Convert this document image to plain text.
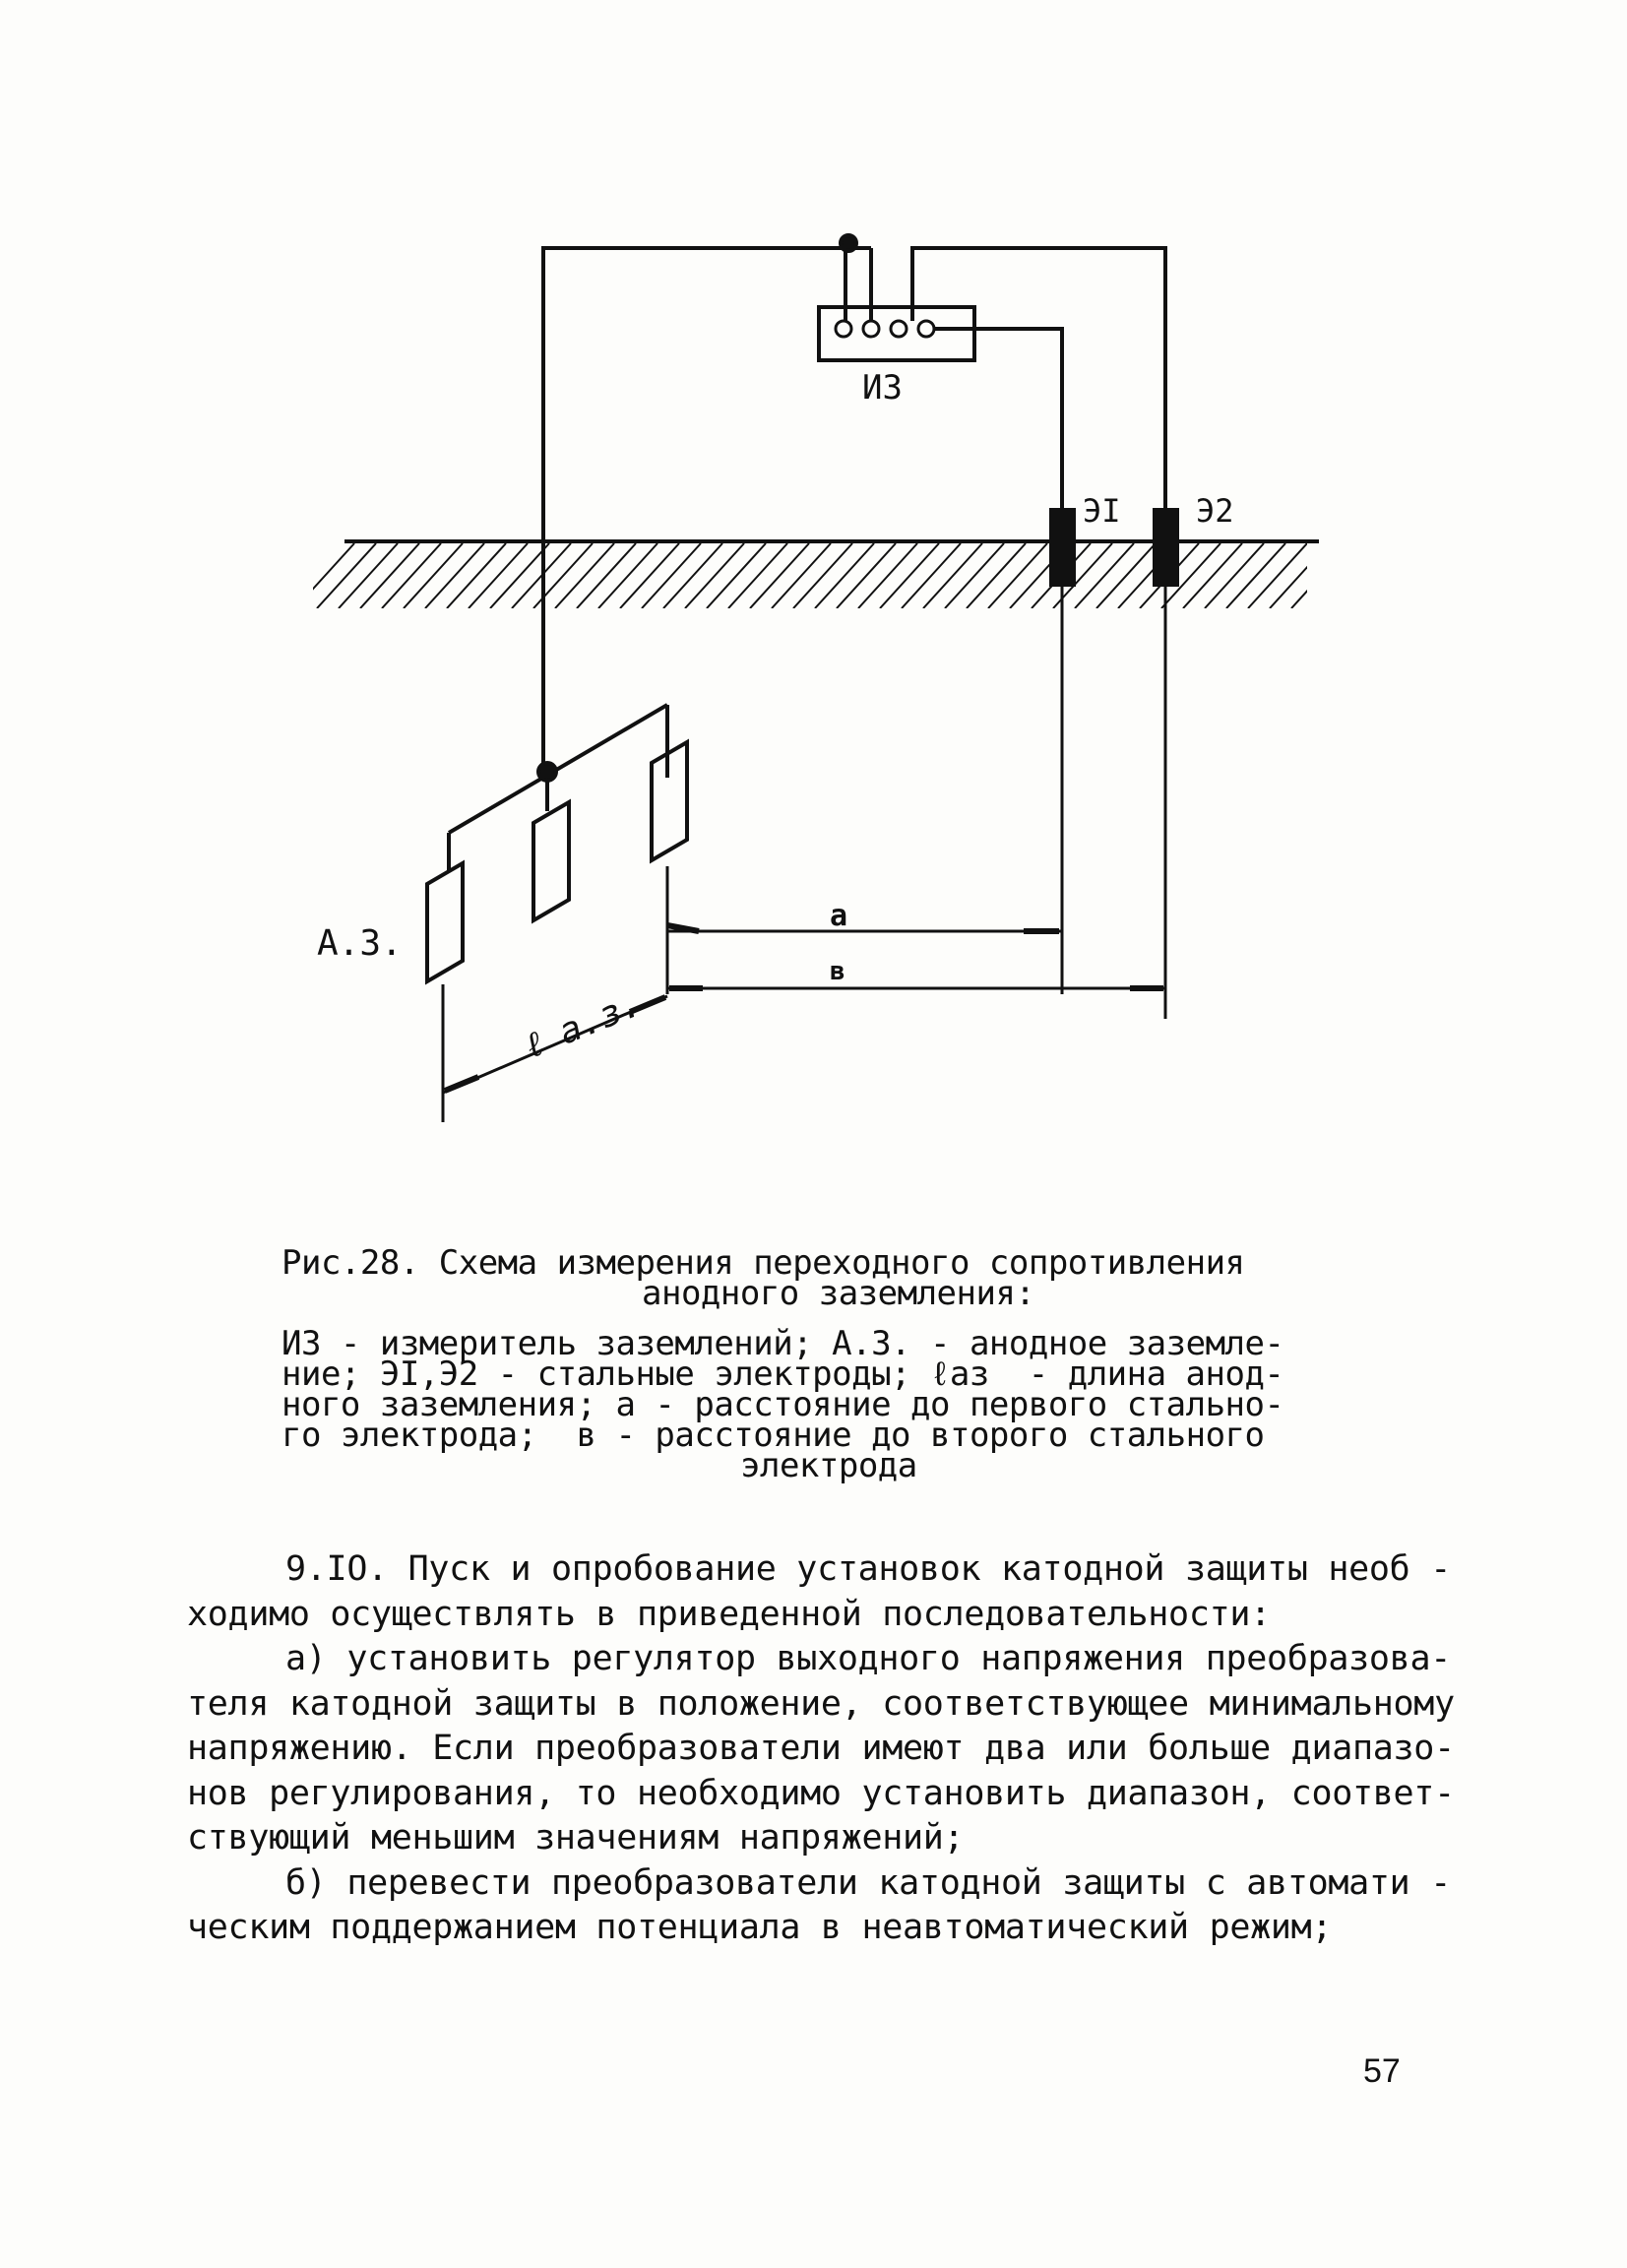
ИЗ
ЭI Э2
А.З.
а
в
ℓ а.з.
Рис.28. Схема измерения переходного сопротивления
анодного заземления:
ИЗ - измеритель заземлений; А.З. - анодное заземле-
ние; ЭI,Э2 - стальные электроды; ℓаз  - длина анод-
ного заземления; а - расстояние до первого стально-
го электрода;  в - расстояние до второго стального
электрода
9.IO. Пуск и опробование установок катодной защиты необ -
ходимо осуществлять в приведенной последовательности:
а) установить регулятор выходного напряжения преобразова-
теля катодной защиты в положение, соответствующее минимальному
напряжению. Если преобразователи имеют два или больше диапазо-
нов регулирования, то необходимо установить диапазон, соответ-
ствующий меньшим значениям напряжений;
б) перевести преобразователи катодной защиты с автомати -
ческим поддержанием потенциала в неавтоматический режим;
57
